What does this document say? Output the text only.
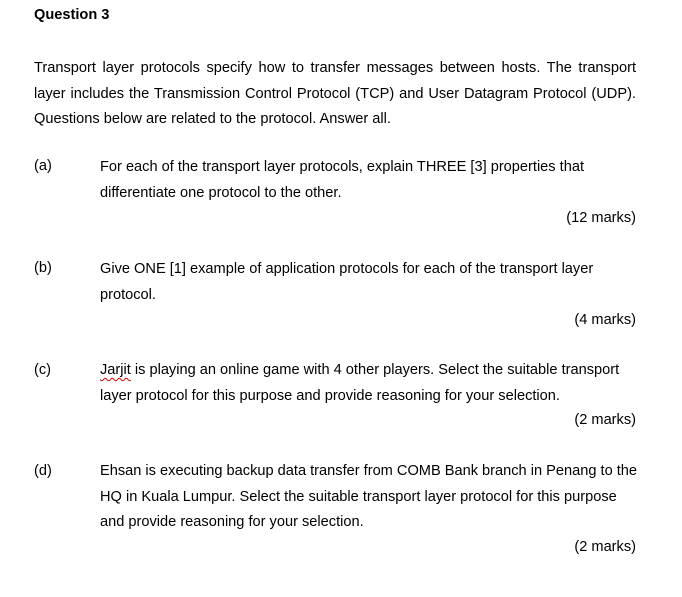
Question 3
Transport layer protocols specify how to transfer messages between hosts. The transport layer includes the Transmission Control Protocol (TCP) and User Datagram Protocol (UDP). Questions below are related to the protocol. Answer all.
(a)	For each of the transport layer protocols, explain THREE [3] properties that differentiate one protocol to the other.
(12 marks)
(b)	Give ONE [1] example of application protocols for each of the transport layer protocol.
(4 marks)
(c)	Jarjit is playing an online game with 4 other players. Select the suitable transport layer protocol for this purpose and provide reasoning for your selection.
(2 marks)
(d)	Ehsan is executing backup data transfer from COMB Bank branch in Penang to the HQ in Kuala Lumpur. Select the suitable transport layer protocol for this purpose and provide reasoning for your selection.
(2 marks)
